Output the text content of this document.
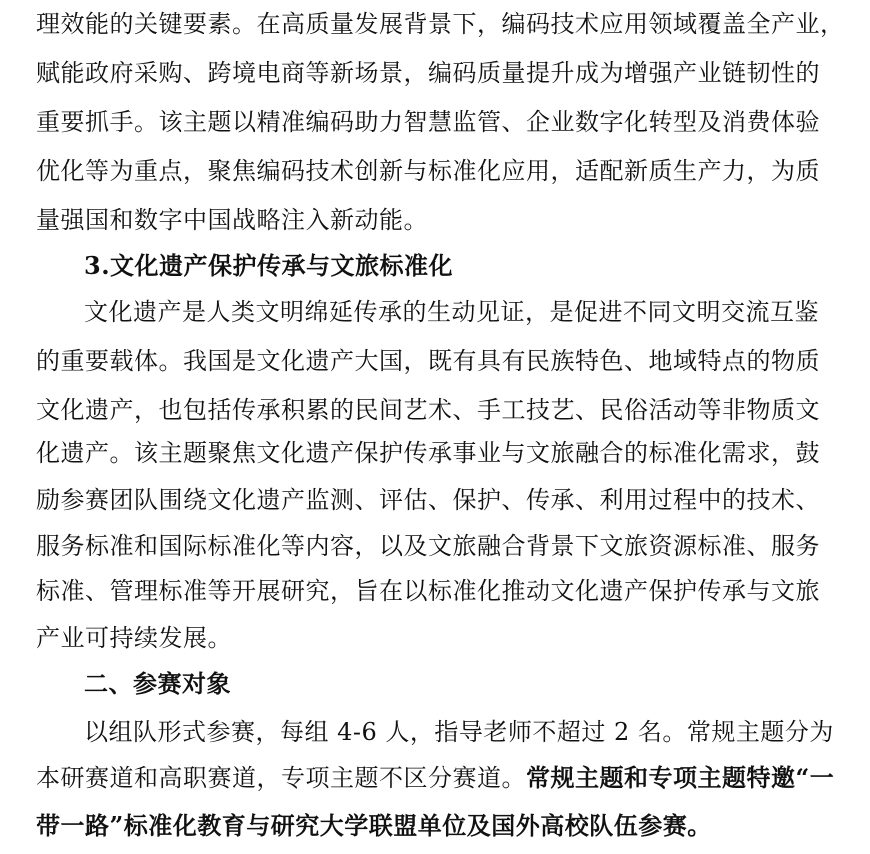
理效能的关键要素。在高质量发展背景下，编码技术应用领域覆盖全产业，
赋能政府采购、跨境电商等新场景，编码质量提升成为增强产业链韧性的
重要抓手。该主题以精准编码助力智慧监管、企业数字化转型及消费体验
优化等为重点，聚焦编码技术创新与标准化应用，适配新质生产力，为质
量强国和数字中国战略注入新动能。
3.文化遗产保护传承与文旅标准化
文化遗产是人类文明绵延传承的生动见证，是促进不同文明交流互鉴
的重要载体。我国是文化遗产大国，既有具有民族特色、地域特点的物质
文化遗产，也包括传承积累的民间艺术、手工技艺、民俗活动等非物质文
化遗产。该主题聚焦文化遗产保护传承事业与文旅融合的标准化需求，鼓
励参赛团队围绕文化遗产监测、评估、保护、传承、利用过程中的技术、
服务标准和国际标准化等内容，以及文旅融合背景下文旅资源标准、服务
标准、管理标准等开展研究，旨在以标准化推动文化遗产保护传承与文旅
产业可持续发展。
二、参赛对象
以组队形式参赛，每组 4-6 人，指导老师不超过 2 名。常规主题分为
本研赛道和高职赛道，专项主题不区分赛道。常规主题和专项主题特邀“一
带一路”标准化教育与研究大学联盟单位及国外高校队伍参赛。
